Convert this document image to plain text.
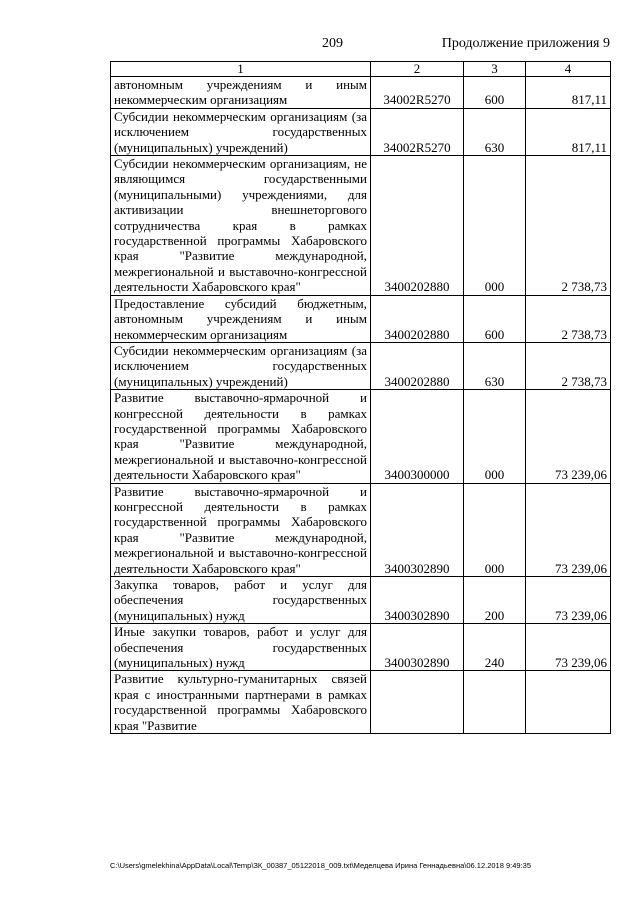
209	Продолжение приложения 9
1	2	3	4
автономным учреждениям и иным некоммерческим организациям	34002R5270	600	817,11
Субсидии некоммерческим организациям (за исключением государственных (муниципальных) учреждений)	34002R5270	630	817,11
Субсидии некоммерческим организациям, не являющимся государственными (муниципальными) учреждениями, для активизации внешнеторгового сотрудничества края в рамках государственной программы Хабаровского края "Развитие международной, межрегиональной и выставочно-конгрессной деятельности Хабаровского края"	3400202880	000	2 738,73
Предоставление субсидий бюджетным, автономным учреждениям и иным некоммерческим организациям	3400202880	600	2 738,73
Субсидии некоммерческим организациям (за исключением государственных (муниципальных) учреждений)	3400202880	630	2 738,73
Развитие выставочно-ярмарочной и конгрессной деятельности в рамках государственной программы Хабаровского края "Развитие международной, межрегиональной и выставочно-конгрессной деятельности Хабаровского края"	3400300000	000	73 239,06
Развитие выставочно-ярмарочной и конгрессной деятельности в рамках государственной программы Хабаровского края "Развитие международной, межрегиональной и выставочно-конгрессной деятельности Хабаровского края"	3400302890	000	73 239,06
Закупка товаров, работ и услуг для обеспечения государственных (муниципальных) нужд	3400302890	200	73 239,06
Иные закупки товаров, работ и услуг для обеспечения государственных (муниципальных) нужд	3400302890	240	73 239,06
Развитие культурно-гуманитарных связей края с иностранными партнерами в рамках государственной программы Хабаровского края "Развитие			
C:\Users\gmelekhina\AppData\Local\Temp\ЗК_00387_05122018_009.txt\Меделцева Ирина Геннадьевна\06.12.2018 9:49:35
